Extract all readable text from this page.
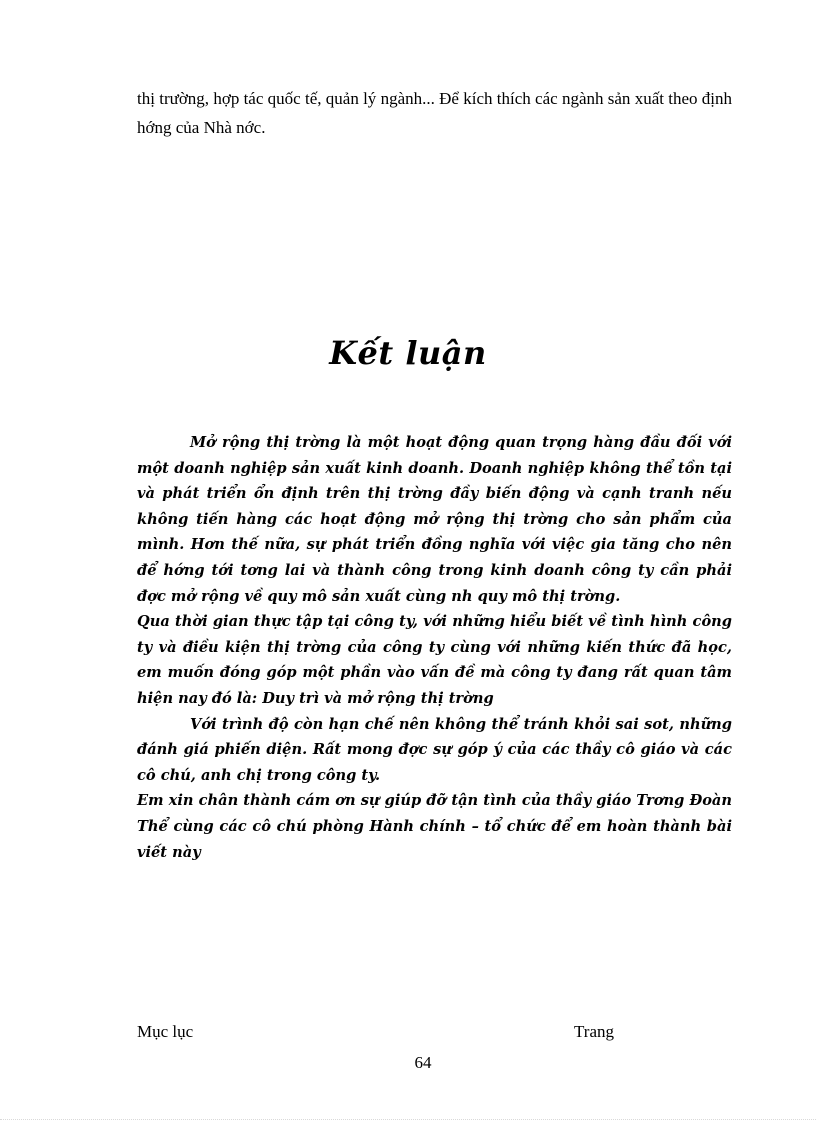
thị trường, hợp tác quốc tế, quản lý ngành... Để kích thích các ngành sản xuất theo định hớng của Nhà nớc.

Kết luận

Mở rộng thị trờng là một hoạt động quan trọng hàng đầu đối với một doanh nghiệp sản xuất kinh doanh. Doanh nghiệp không thể tồn tại và phát triển ổn định trên thị trờng đầy biến động và cạnh tranh nếu không tiến hàng các hoạt động mở rộng thị trờng cho sản phẩm của mình. Hơn thế nữa, sự phát triển đồng nghĩa với việc gia tăng cho nên để hớng tới tơng lai và thành công trong kinh doanh công ty cần phải đợc mở rộng về quy mô sản xuất cùng nh quy mô thị trờng.

Qua thời gian thực tập tại công ty, với những hiểu biết về tình hình công ty và điều kiện thị trờng của công ty cùng với những kiến thức đã học, em muốn đóng góp một phần vào vấn đề mà công ty đang rất quan tâm hiện nay đó là: Duy trì và mở rộng thị trờng

Với trình độ còn hạn chế nên không thể tránh khỏi sai sot, những đánh giá phiến diện. Rất mong đợc sự góp ý của các thầy cô giáo và các cô chú, anh chị trong công ty.

Em xin chân thành cám ơn sự giúp đỡ tận tình của thầy giáo Trơng Đoàn Thể cùng các cô chú phòng Hành chính – tổ chức để em hoàn thành bài viết này

Mục lục	Trang
64
